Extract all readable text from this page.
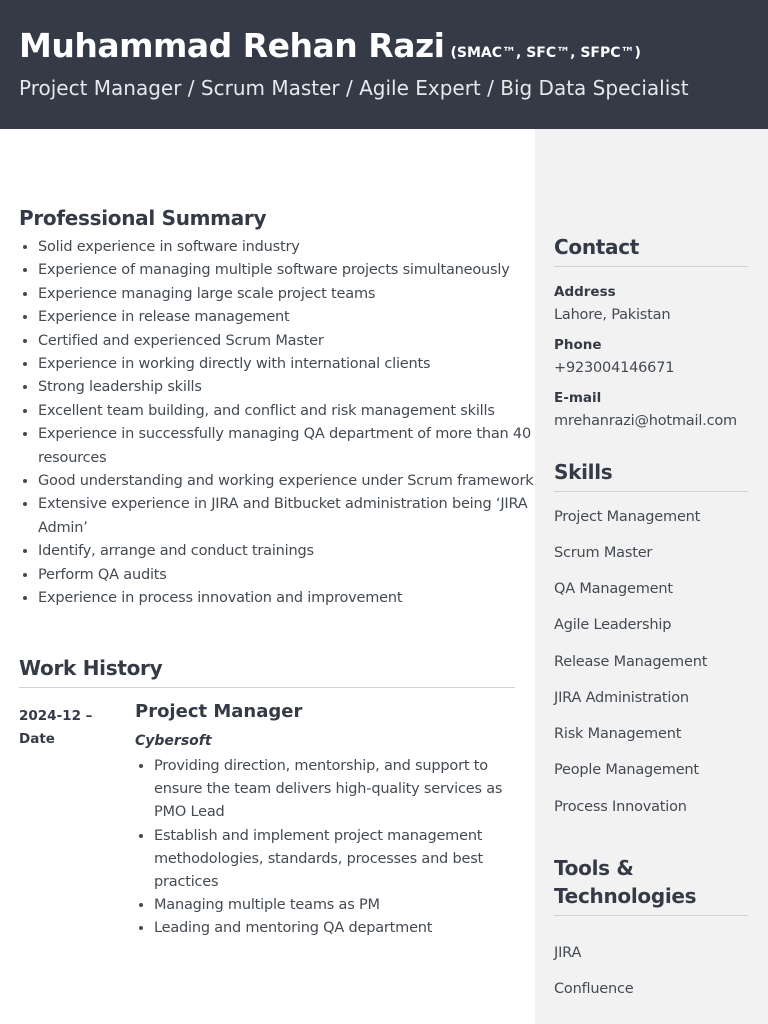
Muhammad Rehan Razi (SMAC™, SFC™, SFPC™)
Project Manager / Scrum Master / Agile Expert / Big Data Specialist
Contact
Address
Lahore, Pakistan
Phone
+923004146671
E-mail
mrehanrazi@hotmail.com
Skills
Project Management
Scrum Master
QA Management
Agile Leadership
Release Management
JIRA Administration
Risk Management
People Management
Process Innovation
Tools &
Technologies
JIRA
Confluence
Professional Summary
• Solid experience in software industry
• Experience of managing multiple software projects simultaneously
• Experience managing large scale project teams
• Experience in release management
• Certified and experienced Scrum Master
• Experience in working directly with international clients
• Strong leadership skills
• Excellent team building, and conflict and risk management skills
• Experience in successfully managing QA department of more than 40 resources
• Good understanding and working experience under Scrum framework
• Extensive experience in JIRA and Bitbucket administration being ‘JIRA Admin’
• Identify, arrange and conduct trainings
• Perform QA audits
• Experience in process innovation and improvement
Work History
2024-12 –
Date
Project Manager
Cybersoft
• Providing direction, mentorship, and support to ensure the team delivers high-quality services as PMO Lead
• Establish and implement project management methodologies, standards, processes and best practices
• Managing multiple teams as PM
• Leading and mentoring QA department
